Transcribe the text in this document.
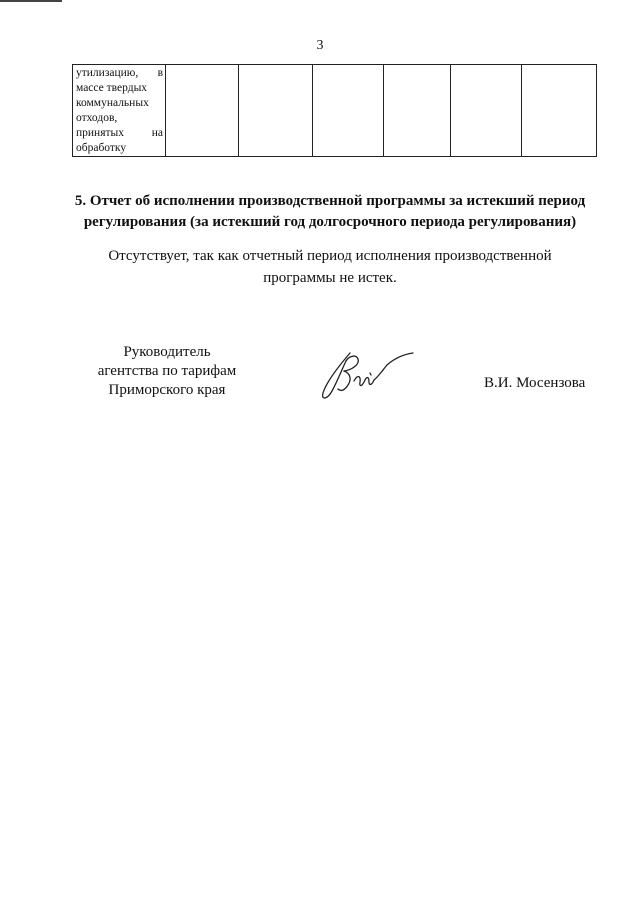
3
утилизацию, в
массе твердых
коммунальных
отходов,
принятых на
обработку

5. Отчет об исполнении производственной программы за истекший период
регулирования (за истекший год долгосрочного периода регулирования)
Отсутствует, так как отчетный период исполнения производственной
программы не истек.
Руководитель
агентства по тарифам
Приморского края	В.И. Мосензова
